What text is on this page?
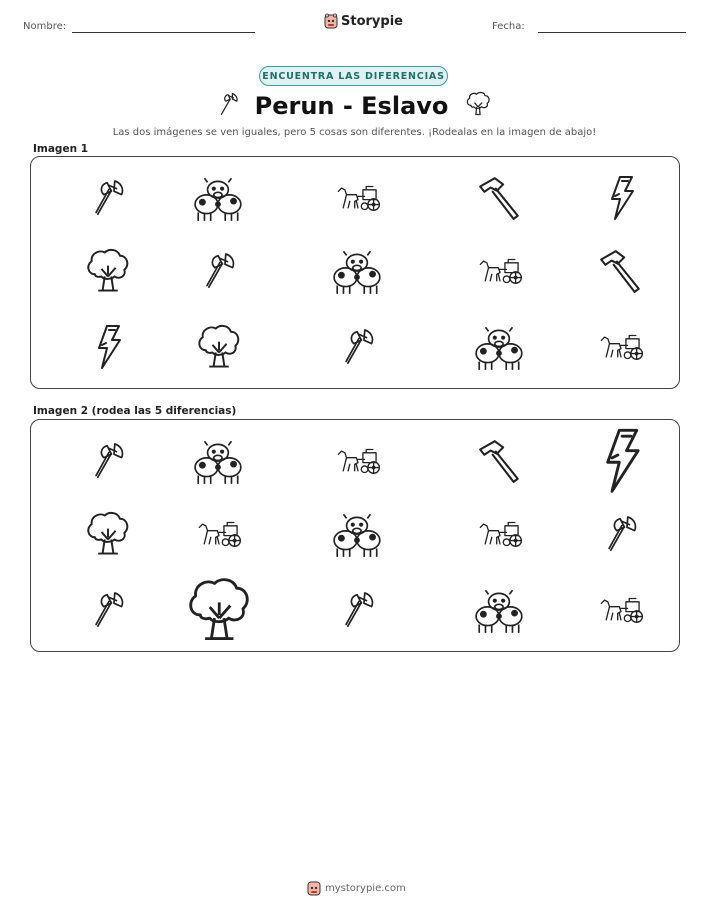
Nombre:	Storypie	Fecha:
ENCUENTRA LAS DIFERENCIAS
Perun - Eslavo
Las dos imágenes se ven iguales, pero 5 cosas son diferentes. ¡Rodealas en la imagen de abajo!
Imagen 1
Imagen 2 (rodea las 5 diferencias)
mystorypie.com
